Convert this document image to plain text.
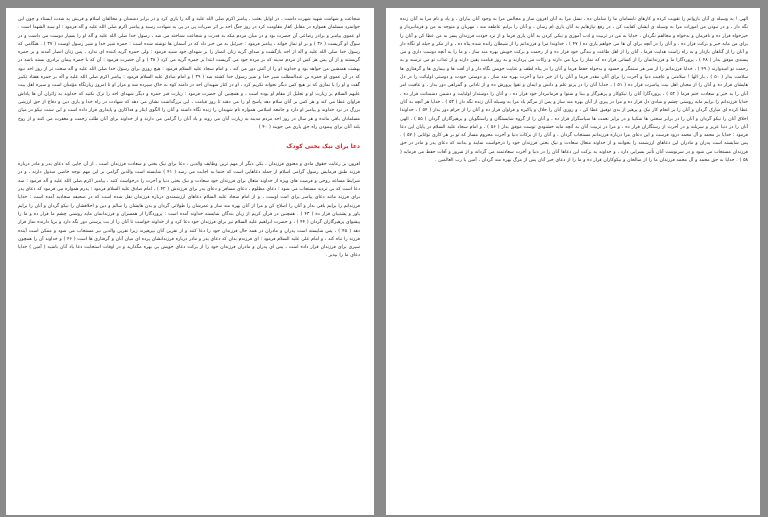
شجاعت و شهامت شهید شهرت داشت ، در اوایل بعثت ، پیامبر اکرم صلی الله علیه و آله را یاری کرد و در برابر دشمنان و مخالفان اسلام و قریش به شدت ایستاد و چون این جوانمرد مسلمان همواره در مقابل کفار مقاومت کرد در روز جنگ احد بر اثر ضربات پی در پی به شهادت رسید و پیامبر اکرم صلی الله علیه و آله فرمود : او سید الشهدا است . او عموی پیامبر و برادر رضاعی آن حضرت بود و در میان مردم مکه به قدرت و شجاعت شناخته می شد ، رسول خدا صلی الله علیه و آله او را بسیار دوست می داشت و در سوگ او گریست ( ۳۶ ) و بر او نماز خواند ، پیامبر فرمود : جبرئیل به من خبر داد که در آسمان ها نوشته شده است : حمزه شیر خدا و شیر رسول اوست ( ۳۷ ) . هنگامی که رسول خدا صلی الله علیه و آله از احد بازگشت و صدای گریه زنان انصار را بر شهدای خود شنید فرمود : ولی حمزه گریه کننده ای ندارد ، پس زنان انصار آمدند و بر حمزه گریستند و از آن پس هر کس از مردم مدینه که بر مرده خود می گریست ابتدا بر حمزه گریه می کرد ( ۳۸ ) و آن حضرت فرمود : آن که با حمزه پیمان برادری بسته باشد در بهشت همنشین من خواهد بود و خداوند او را از آتش دور می کند ، و امام سجاد علیه السلام فرمود : هیچ روزی برای رسول خدا صلی الله علیه و آله سخت تر از روز احد نبود که در آن عموی او حمزه بن عبدالمطلب شیر خدا و شیر رسول خدا کشته شد ( ۳۹ ) و امام صادق علیه السلام فرمود : پیامبر اکرم صلی الله علیه و آله بر حمزه هفتاد تکبیر گفت و او را با نمازی که بر هیچ کس دیگر نخواند تکریم کرد ، او در کنار شهیدان احد در دامنه کوه به خاک سپرده شد و مزار او تا امروز زیارتگاه مؤمنان است و سیره اهل بیت علیهم السلام بر زیارت او و تجلیل از مقام او بوده است ، و همچنین آن حضرت فرمود : زیارت قبر حمزه و دیگر شهدای احد را ترک نکنید که خداوند به زائران آن ها پاداش فراوان عطا می کند و هر کس بر آنان سلام دهد پاسخ او را می دهند تا روز قیامت ، این بزرگداشت نشان می دهد که شهادت در راه خدا و یاری دین و دفاع از حق ارزشی بزرگ در نزد خداوند و پیامبر او دارد و جامعه اسلامی همواره نام شهیدان را زنده نگاه داشته و آنان را الگوی ایثار و فداکاری و پایداری قرار داده است و این سنت نیکو در میان مسلمانان باقی مانده و هر سال در روز احد مردم مدینه به زیارت آنان می روند و یاد آنان را گرامی می دارند و از خداوند برای آنان طلب رحمت و مغفرت می کنند و از روح بلند آنان برای پیمودن راه حق یاری می جویند ( ۴۰ )

دعا برای نیک بختی کودک

افزون بر رعایت حقوق مادی و معنوی فرزندان ، یکی دیگر از مهم ترین وظایف والدین ، دعا برای نیک بختی و سعادت فرزندان است . از آن جایی که دعای پدر و مادر درباره فرزند طبق فرمایش رسول گرامی اسلام از جمله دعاهایی است که حتما به اجابت می رسد ( ۴۱ ) شایسته است والدین گرامی بر این مهم توجه خاصی مبذول دارند ، و در شرایط مساعد روحی و فرصت های ویژه از خداوند متعال برای فرزندان خود سعادت و نیک بختی دنیا و آخرت را درخواست کنند ، پیامبر اکرم صلی الله علیه و آله فرمود : سه دعا است که بی تردید مستجاب می شود : دعای مظلوم ، دعای مسافر و دعای پدر برای فرزندش ( ۴۲ ) ، امام صادق علیه السلام فرمود : پدرم همواره می فرمود که دعای پدر برای فرزند مانند دعای پیامبر برای امت اوست ، و از امام سجاد علیه السلام دعاهای ارزشمندی درباره فرزندان نقل شده است که در صحیفه سجادیه آمده است : خدایا فرزندانم را برایم باقی بدار و آنان را اصلاح کن و مرا از آنان بهره مند ساز و عمرشان را طولانی گردان و بدن هایشان را سالم و دین و اخلاقشان را نیکو گردان و آنان را برایم یاور و پشتیبان قرار ده ( ۴۳ ) . همچنین در قرآن کریم از زبان بندگان شایسته خداوند آمده است : پروردگارا از همسران و فرزندانمان مایه روشنی چشم ما قرار ده و ما را پیشوای پرهیزگاران گردان ( ۴۴ ) ، و حضرت ابراهیم علیه السلام نیز برای فرزندان خود دعا کرد و از خداوند خواست تا آنان را از بت پرستی دور نگه دارد و برپا دارنده نماز قرار دهد ( ۴۵ ) ، پس شایسته است پدران و مادران در همه حال فرزندان خود را دعا کنند و از نفرین آنان بپرهیزند زیرا نفرین والدین نیز مستجاب می شود و ممکن است آینده فرزند را تباه کند ، و امام علی علیه السلام فرمود : ای فرزندم بدان که دعای پدر و مادر درباره فرزندانشان پرده ای میان آنان و گرفتاری ها است ( ۴۶ ) و خداوند آن را همچون سپری برای فرزندان قرار داده است ، پس ای پدران و مادران فرزندان خود را از برکت دعای خویش بی بهره مگذارید و در اوقات استجابت دعا یاد آنان باشید ( آمین ) خدایا دعای ما را بپذیر .

الهی ! به وسیله ی آنان بازوانم را تقویت کرده و کارهای نابسامان ما را سامان ده ، نسل مرا به آنان افزون ساز و مجالس مرا به وجود آنان بیارای ، و یاد و نام مرا به آنان زنده نگه دار ، و در نبودن من امورات مرا به وسیله ی ایشان کفایت کن ، در رفع نیازهایم به آنان یاری ام رسان ، و آنان را برایم عاطفه مند ، مهربان و متوجه به من و فرمانبردار و خیرخواه قرار ده و نافرمان و بدخواه و مخالفم نگردان ، خدایا به من در تربیت و ادب آموزی و نیکی کردن به آنان یاری فرما و از نزد خودت فرزندان پسر به من عطا کن و آنان را برای من مایه خیر و برکت قرار ده ، و آنان را در آنچه برای آن ها می خواهم یاری ده ( ۴۷ ) ، خداوندا مرا و فرزندانم را از شیطان رانده شده پناه ده ، و از مکر و حیله او نگاه دار و آنان را از گناهان بازدار و به راه راست هدایت فرما ، آنان را از اهل طاعت و بندگی خود قرار ده و از رحمت و برکت خویش بهره مند ساز ، و ما را به آنچه دوست داری و می پسندی موفق بدار ( ۴۸ ) ، پروردگارا ما و فرزندانمان را از کسانی قرار ده که نماز را برپا می دارند و زکات می پردازند و به روز قیامت یقین دارند و از عذاب تو می ترسند و به رحمت تو امیدوارند ( ۴۹ ) ، خدایا فرزندانم را از شر هر ستمگر و حسود و بدخواه حفظ فرما و آنان را در پناه لطف و عنایت خویش نگاه دار و از آفت ها و بیماری ها و گرفتاری ها سلامت بدار ( ۵۰ ) ، بار الها ! سلامتی و عافیت دنیا و آخرت را برای آنان مقدر فرما و آنان را از خیر دنیا و آخرت بهره مند ساز ، و دوستی خودت و دوستی اولیائت را در دل هایشان قرار ده و آنان را از محبان اهل بیت پیامبرت قرار ده ( ۵۱ ) ، خدایا آنان را در پرتو علم و دانش و ایمان و تقوا پرورش ده و از نادانی و گمراهی دور بدار ، و عاقبت امر آنان را به خیر و سعادت ختم فرما ( ۵۲ ) ، پروردگارا آنان را نیکوکار و پرهیزگار و بینا و شنوا و فرمانبردار خود قرار ده ، و آنان را دوستدار اولیایت و دشمن دشمنانت قرار ده ، خدایا فرزندانم را برایم مایه روشنی چشم و شادی دل قرار ده و مرا در پیری از آنان بهره مند ساز و پس از مرگم یاد مرا به وسیله آنان زنده نگه دار ( ۵۳ ) ، خدایا هر آنچه به آنان عطا کرده ای مبارک گردان و آنان را بر انجام کار نیک و پرهیز از بدی توفیق عطا کن ، و روزی آنان را حلال و پاکیزه و فراوان قرار ده و آنان را از حرام دور بدار ( ۵۴ ) ، خداوندا اخلاق آنان را نیکو گردان و آنان را در برابر سختی ها شکیبا و در برابر نعمت ها سپاسگزار قرار ده ، و آنان را از گروه شایستگان و راستگویان و پرهیزگاران گردان ( ۵۵ ) ، الهی آنان را در دنیا عزیز و سربلند و در آخرت از رستگاران قرار ده ، و مرا در تربیت آنان به آنچه مایه خشنودی توست موفق بدار ( ۵۶ ) ، و امام سجاد علیه السلام در پایان این دعا فرمود : خدایا بر محمد و آل محمد درود فرست و این دعای مرا درباره فرزندانم مستجاب گردان ، و آنان را از برکات دنیا و آخرت محروم مساز که تو بر هر کاری توانایی ( ۵۷ ) . پس شایسته است پدران و مادران این دعاهای ارزشمند را بخوانند و از خداوند متعال سعادت و نیک بختی فرزندان خود را درخواست نمایند و بدانند که دعای پدر و مادر در حق فرزندان مستجاب می شود و در سرنوشت آنان تأثیر بسزایی دارد ، و خداوند به برکت این دعاها آنان را در دنیا و آخرت سعادتمند می گرداند و از شرور و آفات حفظ می فرماید ( ۵۸ ) . خدایا به حق محمد و آل محمد فرزندان ما را از صالحان و نیکوکاران قرار ده و ما را از دعای خیر آنان پس از مرگ بهره مند گردان ، آمین یا رب العالمین .
